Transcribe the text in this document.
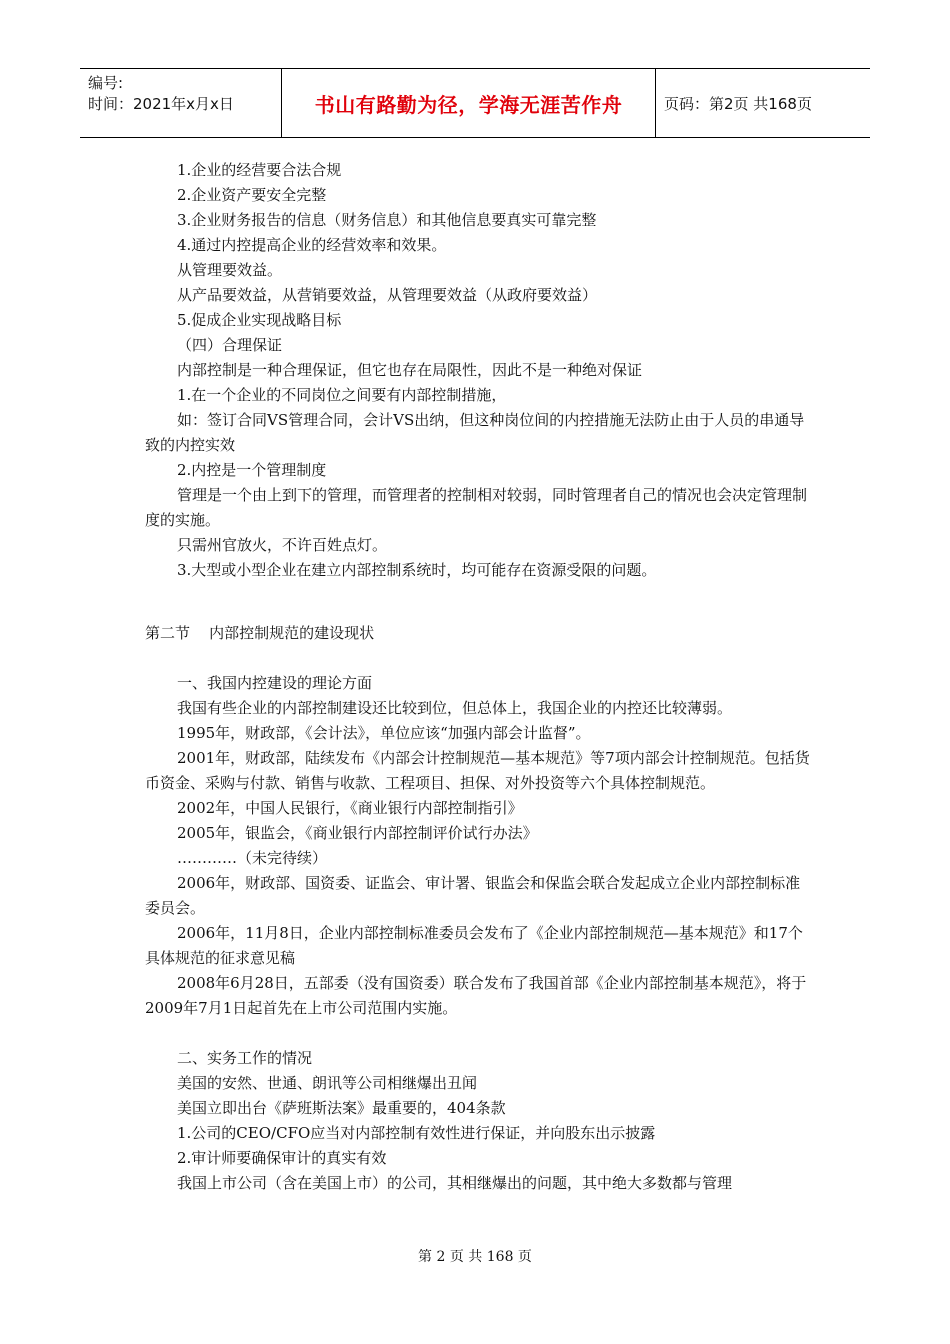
编号:
时间：2021年x月x日	书山有路勤为径，学海无涯苦作舟	页码：第2页 共168页

1.企业的经营要合法合规

2.企业资产要安全完整

3.企业财务报告的信息（财务信息）和其他信息要真实可靠完整

4.通过内控提高企业的经营效率和效果。

从管理要效益。

从产品要效益，从营销要效益，从管理要效益（从政府要效益）

5.促成企业实现战略目标

（四）合理保证

内部控制是一种合理保证，但它也存在局限性，因此不是一种绝对保证

1.在一个企业的不同岗位之间要有内部控制措施，

如：签订合同VS管理合同，会计VS出纳，但这种岗位间的内控措施无法防止由于人员的串通导致的内控实效

2.内控是一个管理制度

管理是一个由上到下的管理，而管理者的控制相对较弱，同时管理者自己的情况也会决定管理制度的实施。

只需州官放火，不许百姓点灯。

3.大型或小型企业在建立内部控制系统时，均可能存在资源受限的问题。

第二节    内部控制规范的建设现状

一、我国内控建设的理论方面

我国有些企业的内部控制建设还比较到位，但总体上，我国企业的内控还比较薄弱。

1995年，财政部，《会计法》，单位应该“加强内部会计监督”。

2001年，财政部，陆续发布《内部会计控制规范—基本规范》等7项内部会计控制规范。包括货币资金、采购与付款、销售与收款、工程项目、担保、对外投资等六个具体控制规范。

2002年，中国人民银行，《商业银行内部控制指引》

2005年，银监会，《商业银行内部控制评价试行办法》

…………（未完待续）

2006年，财政部、国资委、证监会、审计署、银监会和保监会联合发起成立企业内部控制标准委员会。

2006年，11月8日，企业内部控制标准委员会发布了《企业内部控制规范—基本规范》和17个具体规范的征求意见稿

2008年6月28日，五部委（没有国资委）联合发布了我国首部《企业内部控制基本规范》，将于2009年7月1日起首先在上市公司范围内实施。

二、实务工作的情况

美国的安然、世通、朗讯等公司相继爆出丑闻

美国立即出台《萨班斯法案》最重要的，404条款

1.公司的CEO/CFO应当对内部控制有效性进行保证，并向股东出示披露

2.审计师要确保审计的真实有效

我国上市公司（含在美国上市）的公司，其相继爆出的问题，其中绝大多数都与管理

第 2 页 共 168 页
